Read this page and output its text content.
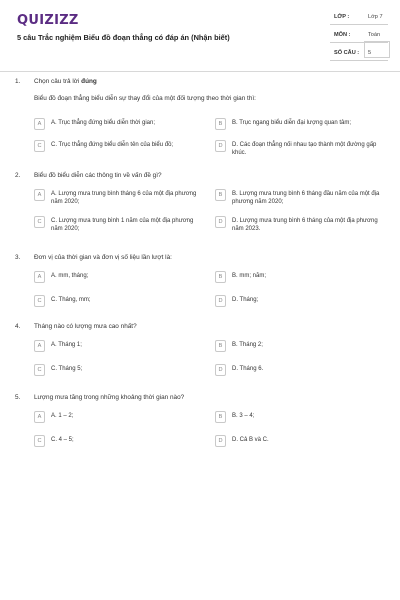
QUIZIZZ
5 câu Trắc nghiệm Biểu đồ đoạn thẳng có đáp án (Nhận biết)
LỚP :	Lớp 7
MÔN :	Toán
SỐ CÂU : 5
1. Chọn câu trả lời đúng
Biểu đồ đoạn thẳng biểu diễn sự thay đổi của một đối tượng theo thời gian thì:
A	A. Trục thẳng đứng biểu diễn thời gian;	B	B. Trục ngang biểu diễn đại lượng quan tâm;
C	C. Trục thẳng đứng biểu diễn tên của biểu đồ;	D	D. Các đoạn thẳng nối nhau tạo thành một đường gấp khúc.
2. Biểu đồ biểu diễn các thông tin về vấn đề gì?
A	A. Lượng mưa trung bình tháng 6 của một địa phương năm 2020;
B	B. Lượng mưa trung bình 6 tháng đầu năm của một địa phương năm 2020;
C	C. Lượng mưa trung bình 1 năm của một địa phương năm 2020;
D	D. Lượng mưa trung bình 6 tháng của một địa phương năm 2023.
3. Đơn vị của thời gian và đơn vị số liệu lần lượt là:
A	A. mm, tháng;	B	B. mm; năm;
C	C. Tháng, mm;	D	D. Tháng;
4. Tháng nào có lượng mưa cao nhất?
A	A. Tháng 1;	B	B. Tháng 2;
C	C. Tháng 5;	D	D. Tháng 6.
5. Lượng mưa tăng trong những khoảng thời gian nào?
A	A. 1 – 2;	B	B. 3 – 4;
C	C. 4 – 5;	D	D. Cả B và C.
